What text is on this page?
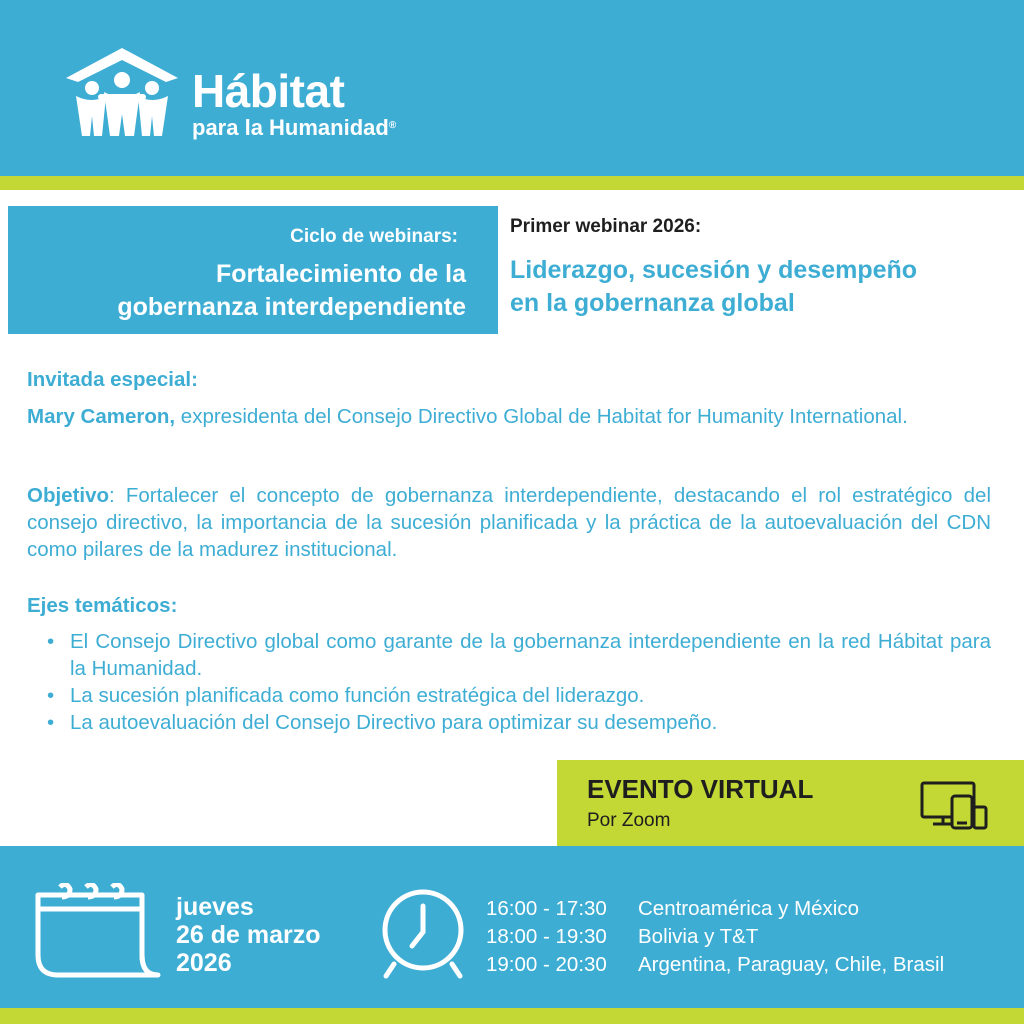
Hábitat
para la Humanidad®
Ciclo de webinars:
Fortalecimiento de la
gobernanza interdependiente
Primer webinar 2026:
Liderazgo, sucesión y desempeño
en la gobernanza global
Invitada especial:
Mary Cameron, expresidenta del Consejo Directivo Global de Habitat for Humanity International.
Objetivo: Fortalecer el concepto de gobernanza interdependiente, destacando el rol estratégico del consejo directivo, la importancia de la sucesión planificada y la práctica de la autoevaluación del CDN como pilares de la madurez institucional.
Ejes temáticos:
• El Consejo Directivo global como garante de la gobernanza interdependiente en la red Hábitat para la Humanidad.
• La sucesión planificada como función estratégica del liderazgo.
• La autoevaluación del Consejo Directivo para optimizar su desempeño.
EVENTO VIRTUAL
Por Zoom
jueves
26 de marzo
2026
16:00 - 17:30 Centroamérica y México
18:00 - 19:30 Bolivia y T&T
19:00 - 20:30 Argentina, Paraguay, Chile, Brasil
